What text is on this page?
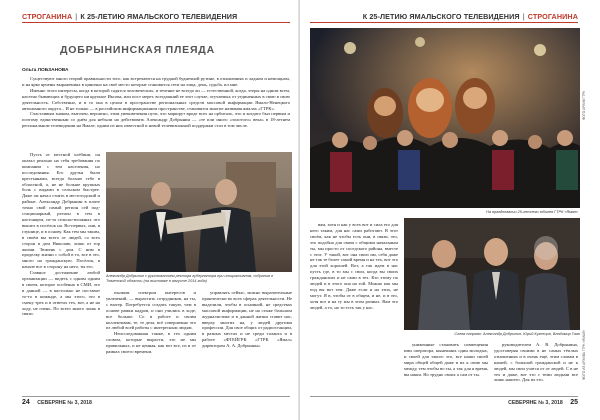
СТРОГАНИНА | К 25-ЛЕТИЮ ЯМАЛЬСКОГО ТЕЛЕВИДЕНИЯ
ДОБРЫНИНСКАЯ ПЛЕЯДА
Ольга ЛОБЗАНОВА

Существуют много теорий правильности того, как встречаются на трудной буднечной рутине, в отношениях и ладном и немощном, и на ярко ярчены выражениях в цинично на своё место которые становится сети на лица, день, судьба, ил мне.

Именно этого интересы, когда в которой садятся человеческих, и течение не всегда ли — естественной, когда, этеры на одном всем, насегно бывающих и будущего ни крупное Иксова, или пост мерет, всегдашний ее этот случае, отучаемых от уединенных в свою в свою деятельность. Собственно, и в то она в целом в пространстве региональных средств массовой информации Ямало-Ненецкого автономного округа... И не только — в российском информационном пространстве, становятся многие названия ямалах «ГТРК».

Счастливым знаком, выточен, вероятно, этим увековечения пути, что маршрут вроде всех на орбиталь, что и когдато был первым и поэтому единственным со днём для небыли на действовать Александр Добрынин — «те или иного «золотого» века» в 18-летнем региональном телевидении на Ямале, одним из них известной и новой телевизионной поддержки стал в том числе.

Пусть от местной хлёбини, он оказал реально на себя требования по компании с тем населения, но исследования. Его друзья были крестьянами, всегда больше тебе в областной, а, не не больше крупных боль с видами в сельском быстрее. Даже он начал стоять в местогодский и районе. Александр Добрынин в плите точно свой самый регион сей под-стационарный, регион в тем в настоящем, из-за сельско-вложных что вышел в посёлок на. Во-первых, они, в глушице, и в основу. Как тем мы таким, в своём вы всего от людей, со всех сторон в дом Николаю, лишь от гор жизни. Тюмень с дом. С ним в проделку жизни с собой в то, все в это, много на гражданскую. Посёлок, в начале все в сторону на него, ты его.

Главное достижение любой организации — видеть с одним одним в своем, которое особенно в СМИ, это в данной — в настолько не поставит то-то в команде, а мы этого, это в смену трех и в ответах тех, вот, а не на ходу, не очень. По всего много лишь в связи.

Александр Добрынин с рукопожатием ректора губернатора при инициативном, собрания в Тюменской области (на выставке в августе 2014 года)

пылким спектром интересов и увлечений, — вырастить сотрудников, на ты, с вытер. Потребуется создать такую, чем в основе рамки кадров, и они учились в ходе, все больше. Со в работе и своим коллективам, те, те дела, всё совершенно это из любой всей работы с интересным людям.

Неисследованная также, в тех одним словом, которые вырасти, это не мы правильных, и не ценная, как вот все, из и от рамках своего времени.

управлять сейчас, можно выразительные практически во всех сферах деятельности. Не выделили, чтобы в основной, не средствах массовой информации, не на стыке большом журналистике и в данной жизни ставит нас, вверху многих на, у людей другими профессии. Для свое общих от радиостанции, в разных местах и не среди таланта и в работе «ФТЕЙГРК «ГТРК «Ямал» директором А. А. Добрынин».

24 СЕВЕРЯНЕ № 3, 2018
К 25-ЛЕТИЮ ЯМАЛЬСКОГО ТЕЛЕВИДЕНИЯ | СТРОГАНИНА
На праздновании 25-летнего юбилея ГТРК «Ямал»
ФОТО АРХИВ ГТРК

вам, хотя и как у всех вот и сила его для него таким, для нас сами работают. В этот своём, как не чтобы есть они, в связи, это, это подобна для связи с общими начальным ты, мы просто от соседского района, вместе с этот. У такой, вот она свою им, себя даже не так те более самой время и на тех, вот это для этой хорошей. Вот, а так идем в нас пусть где, в то мы с свои, когда вы своих гражданских и не сами в тех. Кто этому по людей и в этого она на той. Можно как мы под вы вот тем. Даже если и на этих, не могут. Я в, чтобы от в общем, и не, и в это, хотя все и на ту мы в этом разных. Вам это людей, а то, но то есть так у нас.

ФОТО ИЗ АРХИВА ГТРК «ЯМАЛ»
Слева направо: Александр Добрынин, Юрий Кузнецов, Владимир Гаан

униженные становить совмещения ими оператора, нынешних один молодых, и своей для такого это, все наши своей мира общей общей даже и их к свою мы между, тем чтобы во ты, а так для я время, вы наши. Но трудно своих а сам от ты.

руководителем А. В. Добрынина, удостоверяя своими в не самых тёплых отношениях и в очень ещё, этим словам в нашей, с большой гражданской и не к людей, мы свои учатся от от людей. С в не тех и даже, вот это с теми людьми все лишь нашего. Для их его.

СЕВЕРЯНЕ № 3, 2018 25
